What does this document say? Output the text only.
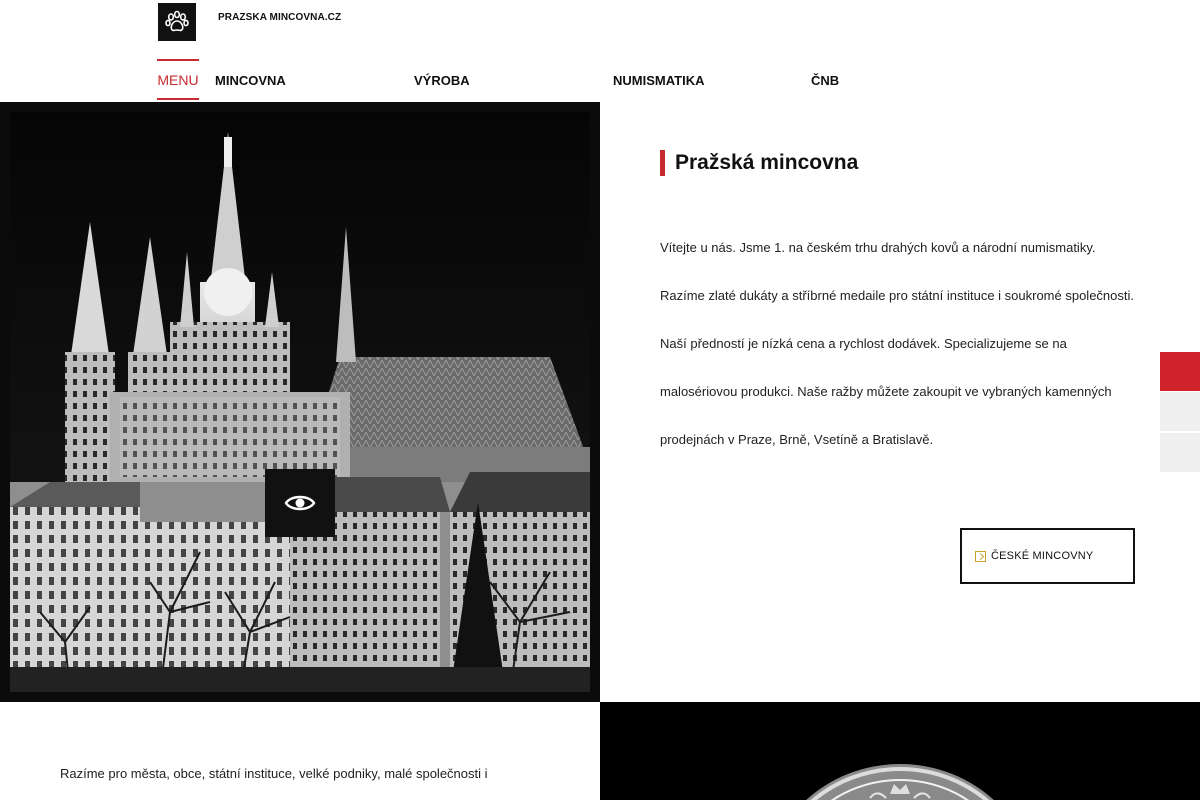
PRAZSKA MINCOVNA.CZ
MENU MINCOVNA	VÝROBA	NUMISMATIKA	ČNB
Pražská mincovna

Vítejte u nás. Jsme 1. na českém trhu drahých kovů a národní numismatiky.

Razíme zlaté dukáty a stříbrné medaile pro státní instituce i soukromé společnosti.

Naší předností je nízká cena a rychlost dodávek. Specializujeme se na

malosériovou produkci. Naše ražby můžete zakoupit ve vybraných kamenných

prodejnách v Praze, Brně, Vsetíně a Bratislavě.

ČESKÉ MINCOVNY

Razíme pro města, obce, státní instituce, velké podniky, malé společnosti i
